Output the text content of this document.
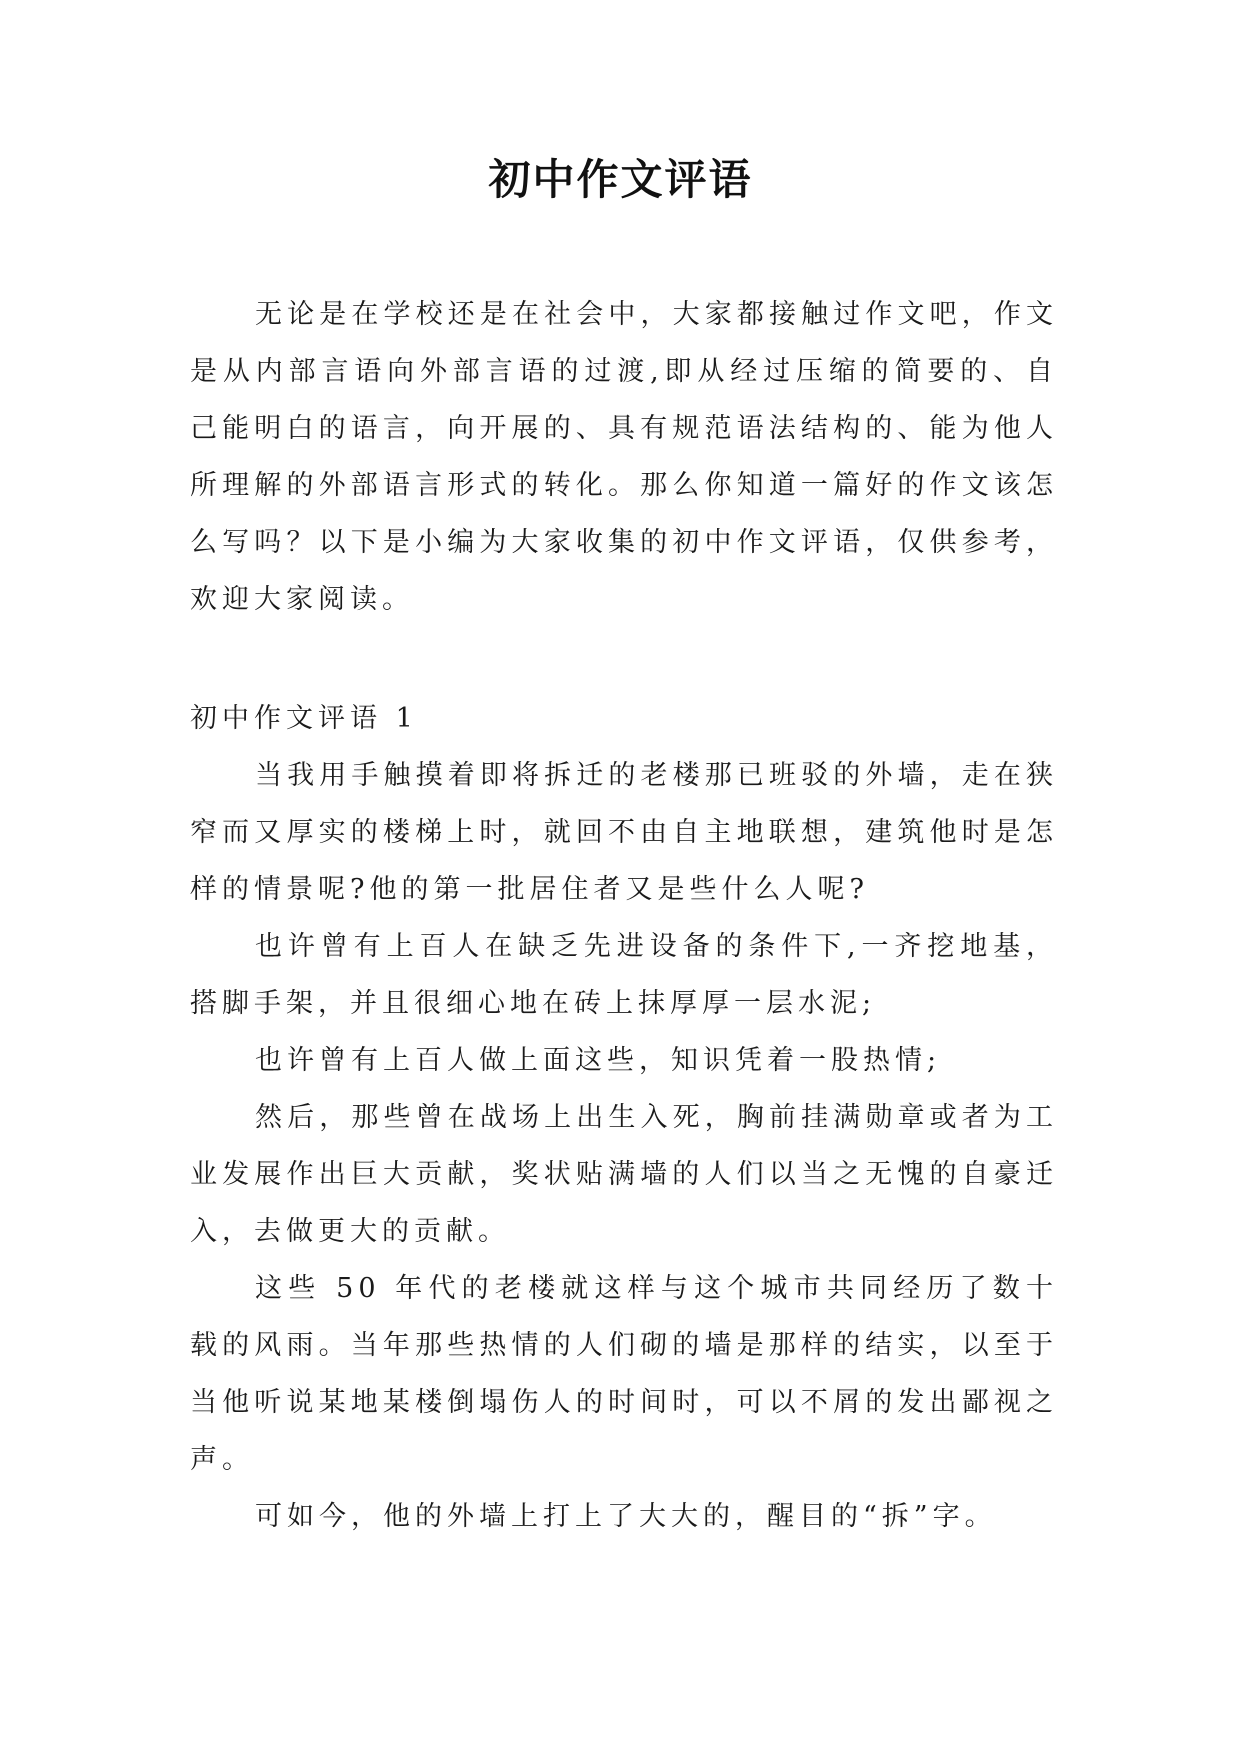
初中作文评语

无论是在学校还是在社会中，大家都接触过作文吧，作文是从内部言语向外部言语的过渡,即从经过压缩的简要的、自己能明白的语言，向开展的、具有规范语法结构的、能为他人所理解的外部语言形式的转化。那么你知道一篇好的作文该怎么写吗？以下是小编为大家收集的初中作文评语，仅供参考，欢迎大家阅读。

初中作文评语 1

当我用手触摸着即将拆迁的老楼那已班驳的外墙，走在狭窄而又厚实的楼梯上时，就回不由自主地联想，建筑他时是怎样的情景呢?他的第一批居住者又是些什么人呢?

也许曾有上百人在缺乏先进设备的条件下,一齐挖地基，搭脚手架，并且很细心地在砖上抹厚厚一层水泥;

也许曾有上百人做上面这些，知识凭着一股热情;

然后，那些曾在战场上出生入死，胸前挂满勋章或者为工业发展作出巨大贡献，奖状贴满墙的人们以当之无愧的自豪迁入，去做更大的贡献。

这些 50 年代的老楼就这样与这个城市共同经历了数十载的风雨。当年那些热情的人们砌的墙是那样的结实，以至于当他听说某地某楼倒塌伤人的时间时，可以不屑的发出鄙视之声。

可如今，他的外墙上打上了大大的，醒目的“拆”字。
